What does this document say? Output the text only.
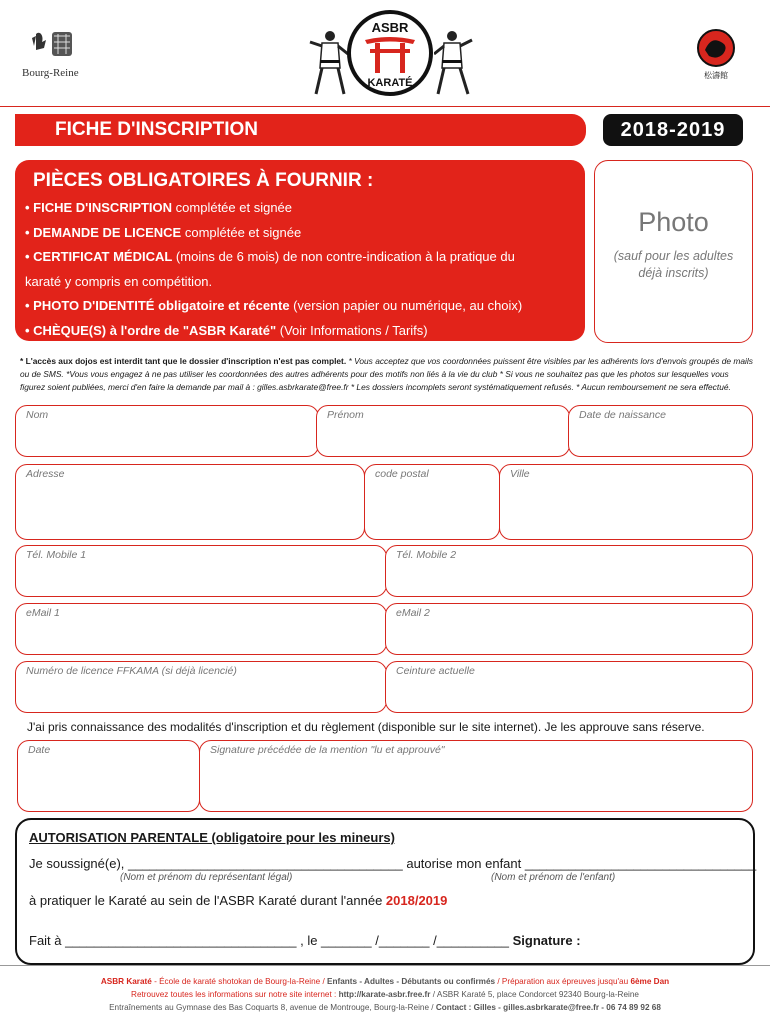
Bourg-Reine
ASBR
KARATÉ
松濤館
FICHE D'INSCRIPTION	2018-2019
PIÈCES OBLIGATOIRES À FOURNIR :
• FICHE D'INSCRIPTION complétée et signée
• DEMANDE DE LICENCE complétée et signée
• CERTIFICAT MÉDICAL (moins de 6 mois) de non contre-indication à la pratique du
karaté y compris en compétition.
• PHOTO D'IDENTITÉ obligatoire et récente (version papier ou numérique, au choix)
• CHÈQUE(S) à l'ordre de "ASBR Karaté" (Voir Informations / Tarifs)
Photo
(sauf pour les adultes
déjà inscrits)
* L'accès aux dojos est interdit tant que le dossier d'inscription n'est pas complet. * Vous acceptez que vos coordonnées puissent être visibles par les adhérents lors d'envois groupés de mails ou de SMS. *Vous vous engagez à ne pas utiliser les coordonnées des autres adhérents pour des motifs non liés à la vie du club * Si vous ne souhaitez pas que les photos sur lesquelles vous figurez soient publiées, merci d'en faire la demande par mail à : gilles.asbrkarate@free.fr * Les dossiers incomplets seront systématiquement refusés. * Aucun remboursement ne sera effectué.
Nom	Prénom	Date de naissance
Adresse	code postal	Ville
Tél. Mobile 1	Tél. Mobile 2
eMail 1	eMail 2
Numéro de licence FFKAMA (si déjà licencié)	Ceinture actuelle
J'ai pris connaissance des modalités d'inscription et du règlement (disponible sur le site internet). Je les approuve sans réserve.
Date	Signature précédée de la mention "lu et approuvé"
AUTORISATION PARENTALE (obligatoire pour les mineurs)
Je soussigné(e), ______________________________________ autorise mon enfant ________________________________
(Nom et prénom du représentant légal)	(Nom et prénom de l'enfant)
à pratiquer le Karaté au sein de l'ASBR Karaté durant l'année 2018/2019
Fait à ________________________________ , le _______ /_______ /__________ Signature :
ASBR Karaté - École de karaté shotokan de Bourg-la-Reine / Enfants - Adultes - Débutants ou confirmés / Préparation aux épreuves jusqu'au 6ème Dan
Retrouvez toutes les informations sur notre site internet : http://karate-asbr.free.fr / ASBR Karaté 5, place Condorcet 92340 Bourg-la-Reine
Entraînements au Gymnase des Bas Coquarts 8, avenue de Montrouge, Bourg-la-Reine / Contact : Gilles - gilles.asbrkarate@free.fr - 06 74 89 92 68
